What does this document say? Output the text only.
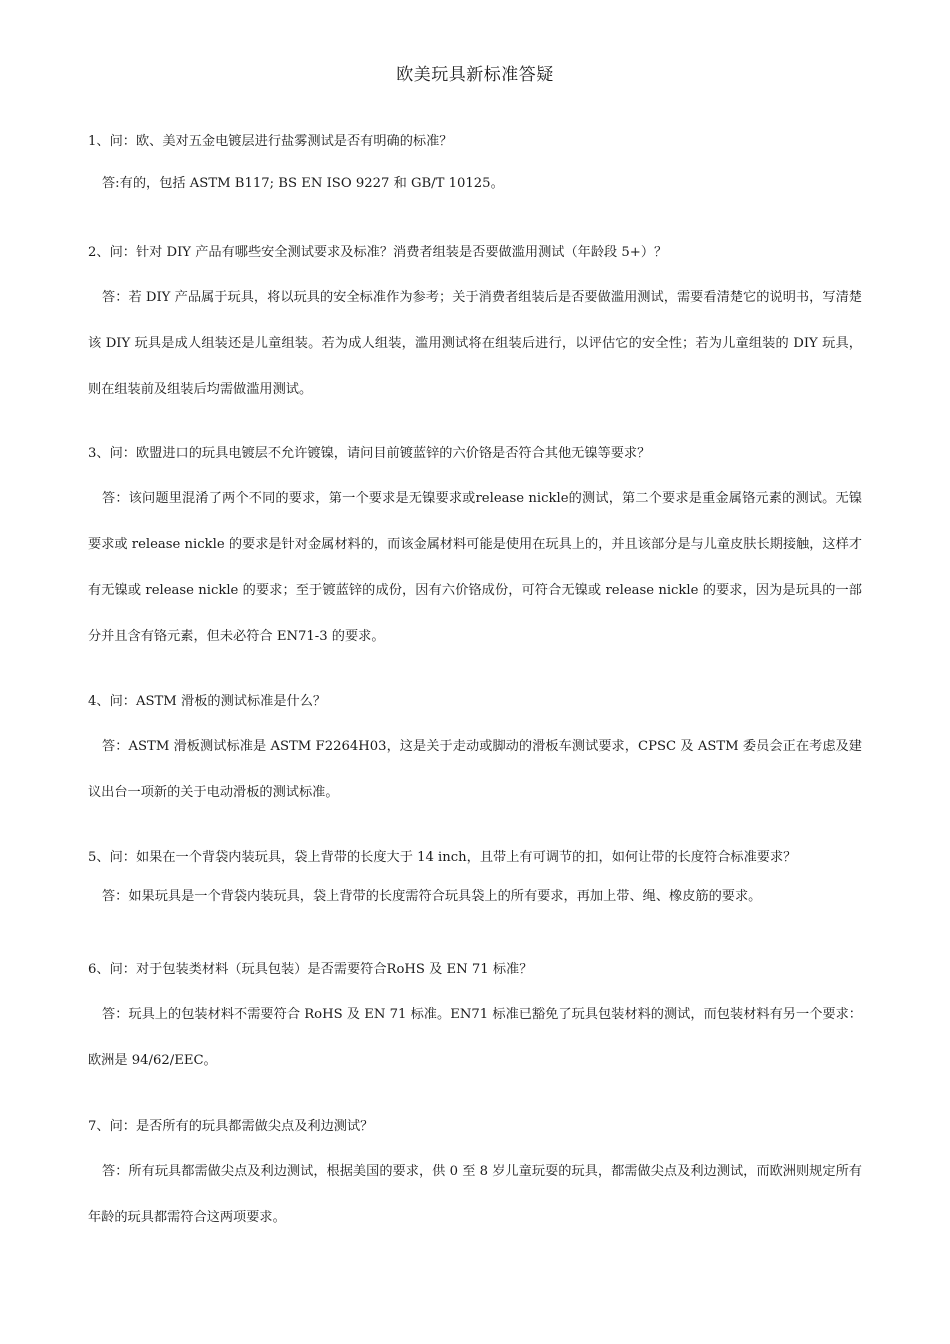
欧美玩具新标准答疑
1、问：欧、美对五金电镀层进行盐雾测试是否有明确的标准？
答:有的，包括 ASTM B117; BS EN ISO 9227 和 GB/T 10125。
2、问：针对 DIY 产品有哪些安全测试要求及标准？消费者组装是否要做滥用测试（年龄段 5+）？
答：若 DIY 产品属于玩具，将以玩具的安全标准作为参考；关于消费者组装后是否要做滥用测试，需要看清楚它的说明书，写清楚该 DIY 玩具是成人组装还是儿童组装。若为成人组装，滥用测试将在组装后进行，以评估它的安全性；若为儿童组装的 DIY 玩具，则在组装前及组装后均需做滥用测试。
3、问：欧盟进口的玩具电镀层不允许镀镍，请问目前镀蓝锌的六价铬是否符合其他无镍等要求？
答：该问题里混淆了两个不同的要求，第一个要求是无镍要求或release nickle的测试，第二个要求是重金属铬元素的测试。无镍要求或 release nickle 的要求是针对金属材料的，而该金属材料可能是使用在玩具上的，并且该部分是与儿童皮肤长期接触，这样才有无镍或 release nickle 的要求；至于镀蓝锌的成份，因有六价铬成份，可符合无镍或 release nickle 的要求，因为是玩具的一部分并且含有铬元素，但未必符合 EN71-3 的要求。
4、问：ASTM 滑板的测试标准是什么？
答：ASTM 滑板测试标准是 ASTM F2264H03，这是关于走动或脚动的滑板车测试要求，CPSC 及 ASTM 委员会正在考虑及建议出台一项新的关于电动滑板的测试标准。
5、问：如果在一个背袋内装玩具，袋上背带的长度大于 14 inch，且带上有可调节的扣，如何让带的长度符合标准要求？
答：如果玩具是一个背袋内装玩具，袋上背带的长度需符合玩具袋上的所有要求，再加上带、绳、橡皮筋的要求。
6、问：对于包装类材料（玩具包装）是否需要符合RoHS 及 EN 71 标准？
答：玩具上的包装材料不需要符合 RoHS 及 EN 71 标准。EN71 标准已豁免了玩具包装材料的测试，而包装材料有另一个要求：欧洲是 94/62/EEC。
7、问：是否所有的玩具都需做尖点及利边测试？
答：所有玩具都需做尖点及利边测试，根据美国的要求，供 0 至 8 岁儿童玩耍的玩具，都需做尖点及利边测试，而欧洲则规定所有年龄的玩具都需符合这两项要求。
